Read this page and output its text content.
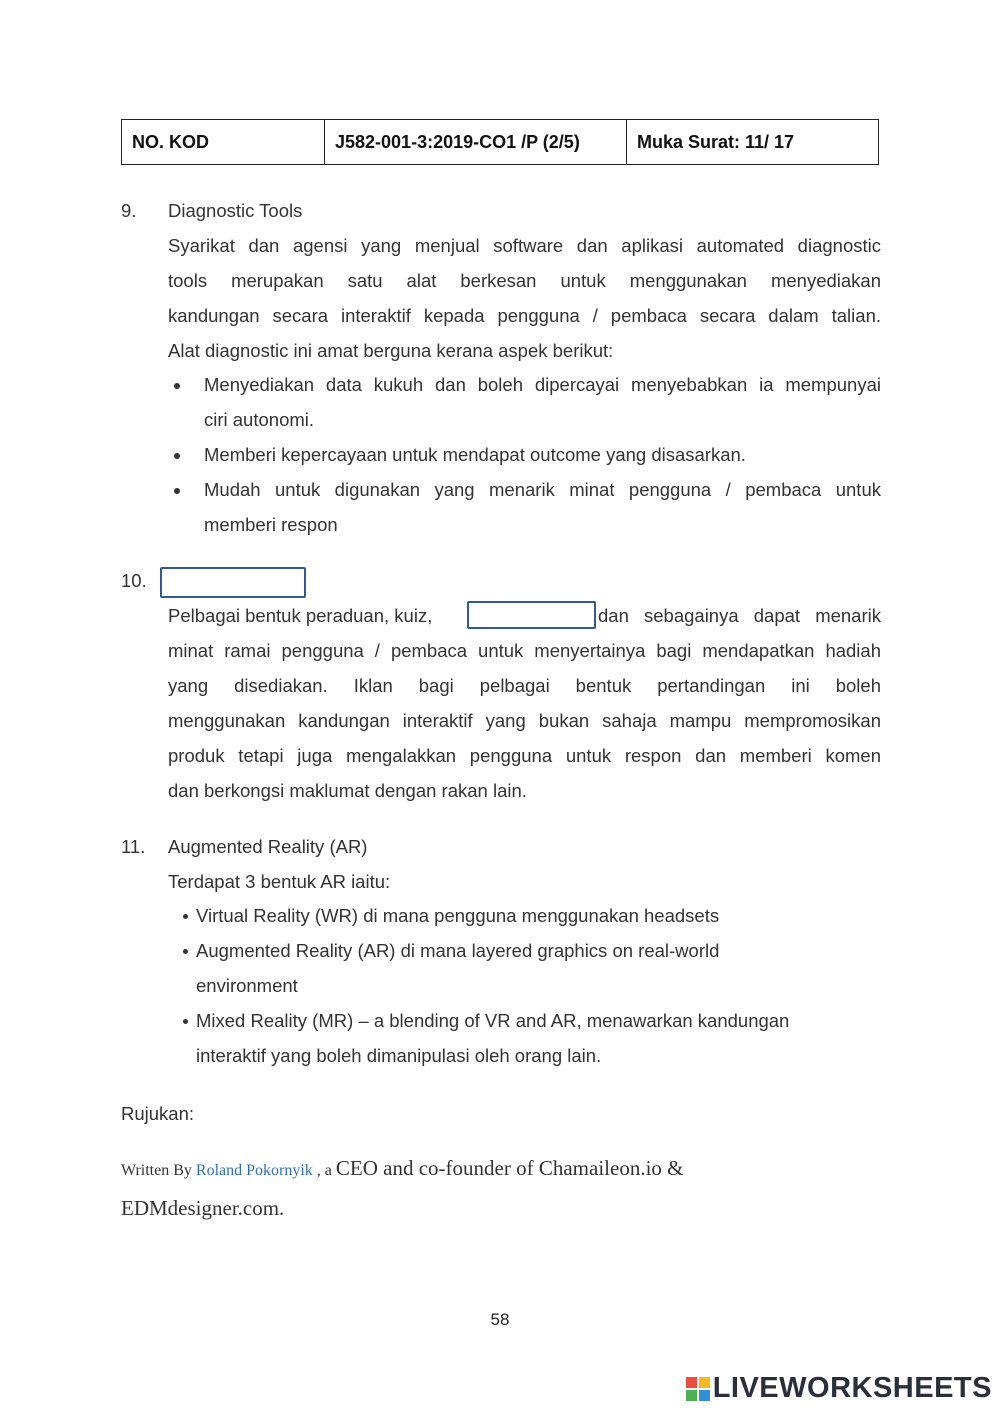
NO. KOD	J582-001-3:2019-CO1 /P (2/5)	Muka Surat: 11/ 17
9. Diagnostic Tools
Syarikat dan agensi yang menjual software dan aplikasi automated diagnostic
tools merupakan satu alat berkesan untuk menggunakan menyediakan
kandungan secara interaktif kepada pengguna / pembaca secara dalam talian.
Alat diagnostic ini amat berguna kerana aspek berikut:
Menyediakan data kukuh dan boleh dipercayai menyebabkan ia mempunyai
ciri autonomi.
Memberi kepercayaan untuk mendapat outcome yang disasarkan.
Mudah untuk digunakan yang menarik minat pengguna / pembaca untuk
memberi respon
10.
Pelbagai bentuk peraduan, kuiz,	dan sebagainya dapat menarik
minat ramai pengguna / pembaca untuk menyertainya bagi mendapatkan hadiah
yang disediakan. Iklan bagi pelbagai bentuk pertandingan ini boleh
menggunakan kandungan interaktif yang bukan sahaja mampu mempromosikan
produk tetapi juga mengalakkan pengguna untuk respon dan memberi komen
dan berkongsi maklumat dengan rakan lain.
11. Augmented Reality (AR)
Terdapat 3 bentuk AR iaitu:
Virtual Reality (WR) di mana pengguna menggunakan headsets
Augmented Reality (AR) di mana layered graphics on real-world
environment
Mixed Reality (MR) – a blending of VR and AR, menawarkan kandungan
interaktif yang boleh dimanipulasi oleh orang lain.
Rujukan:
Written By Roland Pokornyik , a CEO and co-founder of Chamaileon.io &
EDMdesigner.com.
58
LIVEWORKSHEETS
